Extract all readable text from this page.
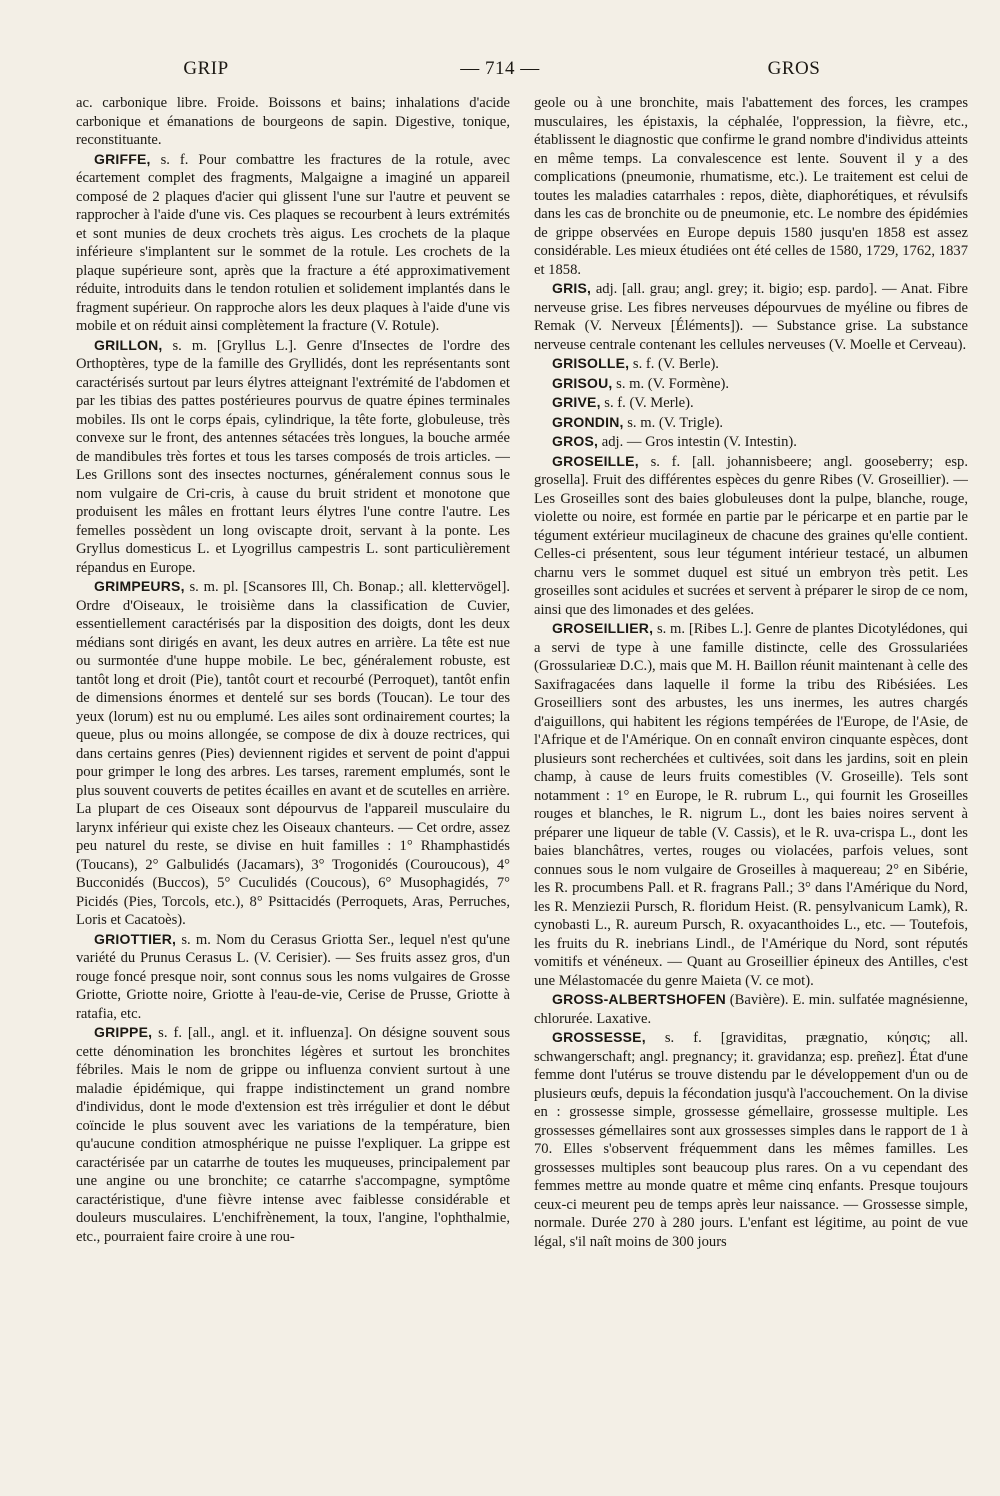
GRIP	— 714 —	GROS

ac. carbonique libre. Froide. Boissons et bains; inhalations d'acide carbonique et émanations de bourgeons de sapin. Digestive, tonique, reconstituante.

GRIFFE, s. f. Pour combattre les fractures de la rotule, avec écartement complet des fragments, Malgaigne a imaginé un appareil composé de 2 plaques d'acier qui glissent l'une sur l'autre et peuvent se rapprocher à l'aide d'une vis. Ces plaques se recourbent à leurs extrémités et sont munies de deux crochets très aigus. Les crochets de la plaque inférieure s'implantent sur le sommet de la rotule. Les crochets de la plaque supérieure sont, après que la fracture a été approximativement réduite, introduits dans le tendon rotulien et solidement implantés dans le fragment supérieur. On rapproche alors les deux plaques à l'aide d'une vis mobile et on réduit ainsi complètement la fracture (V. Rotule).

GRILLON, s. m. [Gryllus L.]. Genre d'Insectes de l'ordre des Orthoptères, type de la famille des Gryllidés, dont les représentants sont caractérisés surtout par leurs élytres atteignant l'extrémité de l'abdomen et par les tibias des pattes postérieures pourvus de quatre épines terminales mobiles. Ils ont le corps épais, cylindrique, la tête forte, globuleuse, très convexe sur le front, des antennes sétacées très longues, la bouche armée de mandibules très fortes et tous les tarses composés de trois articles. — Les Grillons sont des insectes nocturnes, généralement connus sous le nom vulgaire de Cri-cris, à cause du bruit strident et monotone que produisent les mâles en frottant leurs élytres l'une contre l'autre. Les femelles possèdent un long oviscapte droit, servant à la ponte. Les Gryllus domesticus L. et Lyogrillus campestris L. sont particulièrement répandus en Europe.

GRIMPEURS, s. m. pl. [Scansores Ill, Ch. Bonap.; all. klettervögel]. Ordre d'Oiseaux, le troisième dans la classification de Cuvier, essentiellement caractérisés par la disposition des doigts, dont les deux médians sont dirigés en avant, les deux autres en arrière. La tête est nue ou surmontée d'une huppe mobile. Le bec, généralement robuste, est tantôt long et droit (Pie), tantôt court et recourbé (Perroquet), tantôt enfin de dimensions énormes et dentelé sur ses bords (Toucan). Le tour des yeux (lorum) est nu ou emplumé. Les ailes sont ordinairement courtes; la queue, plus ou moins allongée, se compose de dix à douze rectrices, qui dans certains genres (Pies) deviennent rigides et servent de point d'appui pour grimper le long des arbres. Les tarses, rarement emplumés, sont le plus souvent couverts de petites écailles en avant et de scutelles en arrière. La plupart de ces Oiseaux sont dépourvus de l'appareil musculaire du larynx inférieur qui existe chez les Oiseaux chanteurs. — Cet ordre, assez peu naturel du reste, se divise en huit familles : 1° Rhamphastidés (Toucans), 2° Galbulidés (Jacamars), 3° Trogonidés (Couroucous), 4° Bucconidés (Buccos), 5° Cuculidés (Coucous), 6° Musophagidés, 7° Picidés (Pies, Torcols, etc.), 8° Psittacidés (Perroquets, Aras, Perruches, Loris et Cacatoès).

GRIOTTIER, s. m. Nom du Cerasus Griotta Ser., lequel n'est qu'une variété du Prunus Cerasus L. (V. Cerisier). — Ses fruits assez gros, d'un rouge foncé presque noir, sont connus sous les noms vulgaires de Grosse Griotte, Griotte noire, Griotte à l'eau-de-vie, Cerise de Prusse, Griotte à ratafia, etc.

GRIPPE, s. f. [all., angl. et it. influenza]. On désigne souvent sous cette dénomination les bronchites légères et surtout les bronchites fébriles. Mais le nom de grippe ou influenza convient surtout à une maladie épidémique, qui frappe indistinctement un grand nombre d'individus, dont le mode d'extension est très irrégulier et dont le début coïncide le plus souvent avec les variations de la température, bien qu'aucune condition atmosphérique ne puisse l'expliquer. La grippe est caractérisée par un catarrhe de toutes les muqueuses, principalement par une angine ou une bronchite; ce catarrhe s'accompagne, symptôme caractéristique, d'une fièvre intense avec faiblesse considérable et douleurs musculaires. L'enchifrènement, la toux, l'angine, l'ophthalmie, etc., pourraient faire croire à une rou-

geole ou à une bronchite, mais l'abattement des forces, les crampes musculaires, les épistaxis, la céphalée, l'oppression, la fièvre, etc., établissent le diagnostic que confirme le grand nombre d'individus atteints en même temps. La convalescence est lente. Souvent il y a des complications (pneumonie, rhumatisme, etc.). Le traitement est celui de toutes les maladies catarrhales : repos, diète, diaphorétiques, et révulsifs dans les cas de bronchite ou de pneumonie, etc. Le nombre des épidémies de grippe observées en Europe depuis 1580 jusqu'en 1858 est assez considérable. Les mieux étudiées ont été celles de 1580, 1729, 1762, 1837 et 1858.

GRIS, adj. [all. grau; angl. grey; it. bigio; esp. pardo]. — Anat. Fibre nerveuse grise. Les fibres nerveuses dépourvues de myéline ou fibres de Remak (V. Nerveux [Éléments]). — Substance grise. La substance nerveuse centrale contenant les cellules nerveuses (V. Moelle et Cerveau).

GRISOLLE, s. f. (V. Berle).

GRISOU, s. m. (V. Formène).

GRIVE, s. f. (V. Merle).

GRONDIN, s. m. (V. Trigle).

GROS, adj. — Gros intestin (V. Intestin).

GROSEILLE, s. f. [all. johannisbeere; angl. gooseberry; esp. grosella]. Fruit des différentes espèces du genre Ribes (V. Groseillier). — Les Groseilles sont des baies globuleuses dont la pulpe, blanche, rouge, violette ou noire, est formée en partie par le péricarpe et en partie par le tégument extérieur mucilagineux de chacune des graines qu'elle contient. Celles-ci présentent, sous leur tégument intérieur testacé, un albumen charnu vers le sommet duquel est situé un embryon très petit. Les groseilles sont acidules et sucrées et servent à préparer le sirop de ce nom, ainsi que des limonades et des gelées.

GROSEILLIER, s. m. [Ribes L.]. Genre de plantes Dicotylédones, qui a servi de type à une famille distincte, celle des Grossulariées (Grossularieæ D.C.), mais que M. H. Baillon réunit maintenant à celle des Saxifragacées dans laquelle il forme la tribu des Ribésiées. Les Groseilliers sont des arbustes, les uns inermes, les autres chargés d'aiguillons, qui habitent les régions tempérées de l'Europe, de l'Asie, de l'Afrique et de l'Amérique. On en connaît environ cinquante espèces, dont plusieurs sont recherchées et cultivées, soit dans les jardins, soit en plein champ, à cause de leurs fruits comestibles (V. Groseille). Tels sont notamment : 1° en Europe, le R. rubrum L., qui fournit les Groseilles rouges et blanches, le R. nigrum L., dont les baies noires servent à préparer une liqueur de table (V. Cassis), et le R. uva-crispa L., dont les baies blanchâtres, vertes, rouges ou violacées, parfois velues, sont connues sous le nom vulgaire de Groseilles à maquereau; 2° en Sibérie, les R. procumbens Pall. et R. fragrans Pall.; 3° dans l'Amérique du Nord, les R. Menziezii Pursch, R. floridum Heist. (R. pensylvanicum Lamk), R. cynobasti L., R. aureum Pursch, R. oxyacanthoides L., etc. — Toutefois, les fruits du R. inebrians Lindl., de l'Amérique du Nord, sont réputés vomitifs et vénéneux. — Quant au Groseillier épineux des Antilles, c'est une Mélastomacée du genre Maieta (V. ce mot).

GROSS-ALBERTSHOFEN (Bavière). E. min. sulfatée magnésienne, chlorurée. Laxative.

GROSSESSE, s. f. [graviditas, prægnatio, κύησις; all. schwangerschaft; angl. pregnancy; it. gravidanza; esp. preñez]. État d'une femme dont l'utérus se trouve distendu par le développement d'un ou de plusieurs œufs, depuis la fécondation jusqu'à l'accouchement. On la divise en : grossesse simple, grossesse gémellaire, grossesse multiple. Les grossesses gémellaires sont aux grossesses simples dans le rapport de 1 à 70. Elles s'observent fréquemment dans les mêmes familles. Les grossesses multiples sont beaucoup plus rares. On a vu cependant des femmes mettre au monde quatre et même cinq enfants. Presque toujours ceux-ci meurent peu de temps après leur naissance. — Grossesse simple, normale. Durée 270 à 280 jours. L'enfant est légitime, au point de vue légal, s'il naît moins de 300 jours
